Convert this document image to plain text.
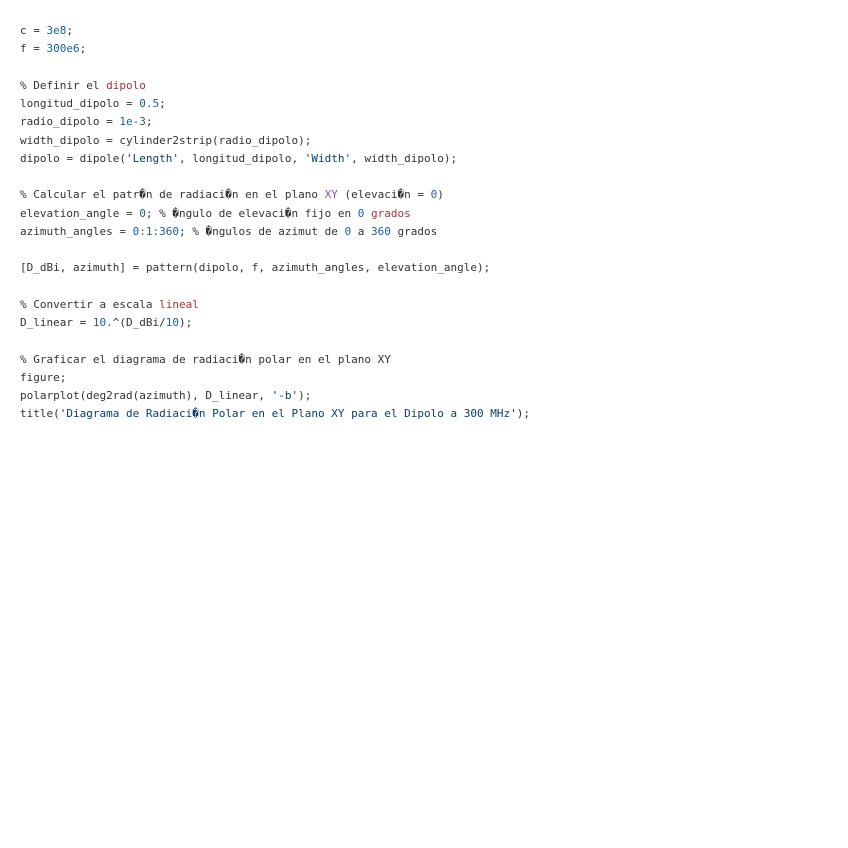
c = 3e8;
f = 300e6;
% Definir el dipolo
longitud_dipolo = 0.5;
radio_dipolo = 1e-3;
width_dipolo = cylinder2strip(radio_dipolo);
dipolo = dipole('Length', longitud_dipolo, 'Width', width_dipolo);
% Calcular el patr�n de radiaci�n en el plano XY (elevaci�n = 0)
elevation_angle = 0; % �ngulo de elevaci�n fijo en 0 grados
azimuth_angles = 0:1:360; % �ngulos de azimut de 0 a 360 grados
[D_dBi, azimuth] = pattern(dipolo, f, azimuth_angles, elevation_angle);
% Convertir a escala lineal
D_linear = 10.^(D_dBi/10);
% Graficar el diagrama de radiaci�n polar en el plano XY
figure;
polarplot(deg2rad(azimuth), D_linear, '-b');
title('Diagrama de Radiaci�n Polar en el Plano XY para el Dipolo a 300 MHz');
